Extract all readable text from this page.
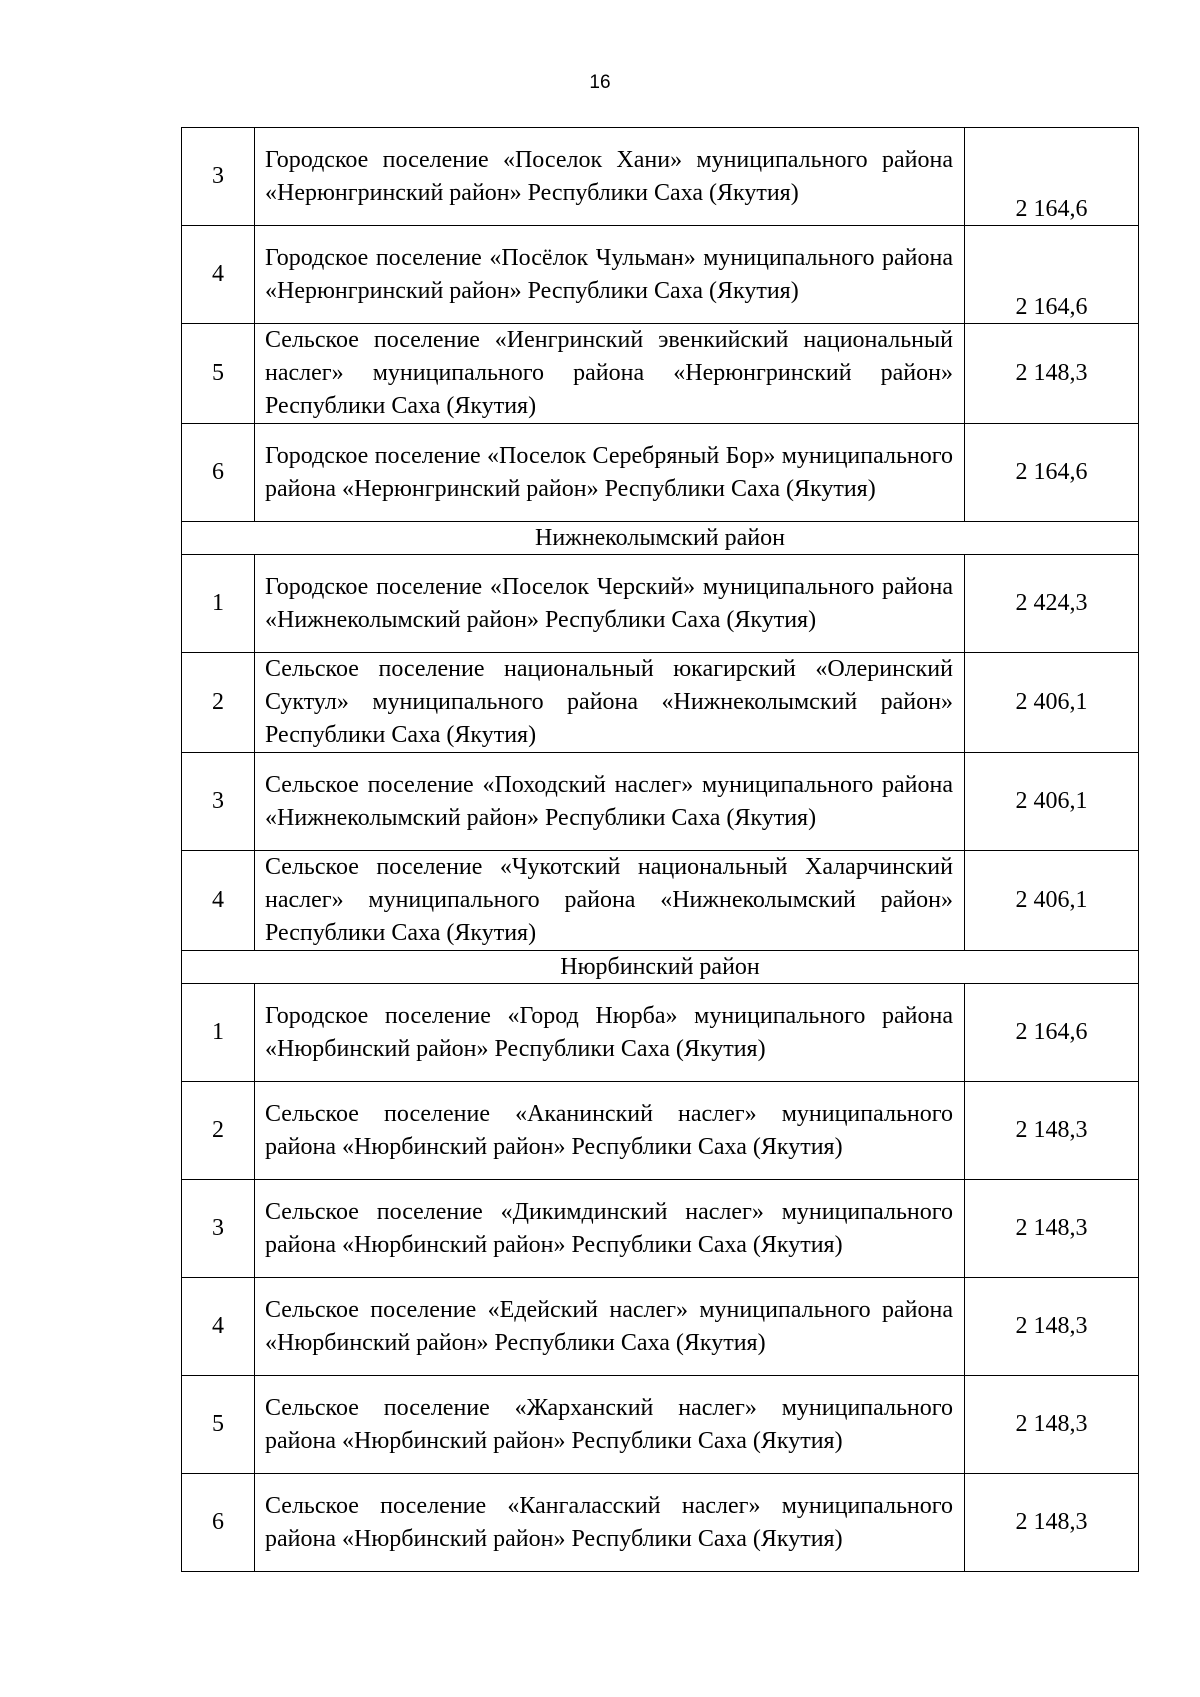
16
3	Городское поселение «Поселок Хани» муниципального района «Нерюнгринский район» Республики Саха (Якутия)	2 164,6

4	Городское поселение «Посёлок Чульман» муниципального района «Нерюнгринский район» Республики Саха (Якутия)	2 164,6

5	Сельское поселение «Иенгринский эвенкийский национальный наслег» муниципального района «Нерюнгринский район» Республики Саха (Якутия)	2 148,3
6	Городское поселение «Поселок Серебряный Бор» муниципального района «Нерюнгринский район» Республики Саха (Якутия)	2 164,6
Нижнеколымский район		
1	Городское поселение «Поселок Черский» муниципального района «Нижнеколымский район» Республики Саха (Якутия)	2 424,3
2	Сельское поселение национальный юкагирский «Олеринский Суктул» муниципального района «Нижнеколымский район» Республики Саха (Якутия)	2 406,1
3	Сельское поселение «Походский наслег» муниципального района «Нижнеколымский район» Республики Саха (Якутия)	2 406,1
4	Сельское поселение «Чукотский национальный Халарчинский наслег» муниципального района «Нижнеколымский район» Республики Саха (Якутия)	2 406,1
Нюрбинский район		
1	Городское поселение «Город Нюрба» муниципального района «Нюрбинский район» Республики Саха (Якутия)	2 164,6
2	Сельское поселение «Аканинский наслег» муниципального района «Нюрбинский район» Республики Саха (Якутия)	2 148,3
3	Сельское поселение «Дикимдинский наслег» муниципального района «Нюрбинский район» Республики Саха (Якутия)	2 148,3
4	Сельское поселение «Едейский наслег» муниципального района «Нюрбинский район» Республики Саха (Якутия)	2 148,3
5	Сельское поселение «Жарханский наслег» муниципального района «Нюрбинский район» Республики Саха (Якутия)	2 148,3
6	Сельское поселение «Кангаласский наслег» муниципального района «Нюрбинский район» Республики Саха (Якутия)	2 148,3
